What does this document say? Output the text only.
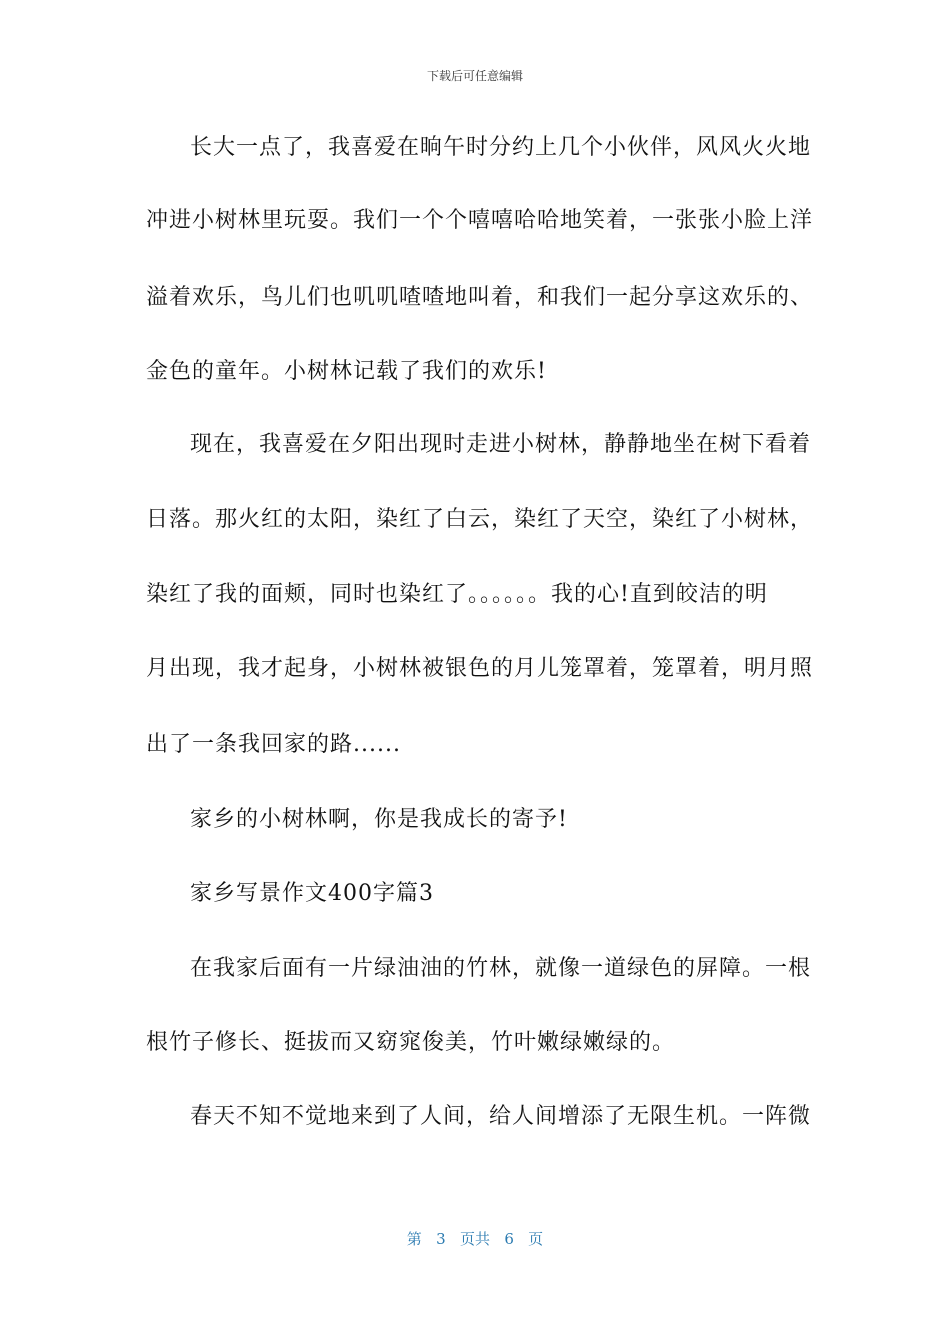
下载后可任意编辑
长大一点了，我喜爱在晌午时分约上几个小伙伴，风风火火地
冲进小树林里玩耍。我们一个个嘻嘻哈哈地笑着，一张张小脸上洋
溢着欢乐，鸟儿们也叽叽喳喳地叫着，和我们一起分享这欢乐的、
金色的童年。小树林记载了我们的欢乐!
现在，我喜爱在夕阳出现时走进小树林，静静地坐在树下看着
日落。那火红的太阳，染红了白云，染红了天空，染红了小树林，
染红了我的面颊，同时也染红了。。。。。。我的心!直到皎洁的明
月出现，我才起身，小树林被银色的月儿笼罩着，笼罩着，明月照
出了一条我回家的路......
家乡的小树林啊，你是我成长的寄予!
家乡写景作文400字篇3
在我家后面有一片绿油油的竹林，就像一道绿色的屏障。一根
根竹子修长、挺拔而又窈窕俊美，竹叶嫩绿嫩绿的。
春天不知不觉地来到了人间，给人间增添了无限生机。一阵微
第 3 页共 6 页
